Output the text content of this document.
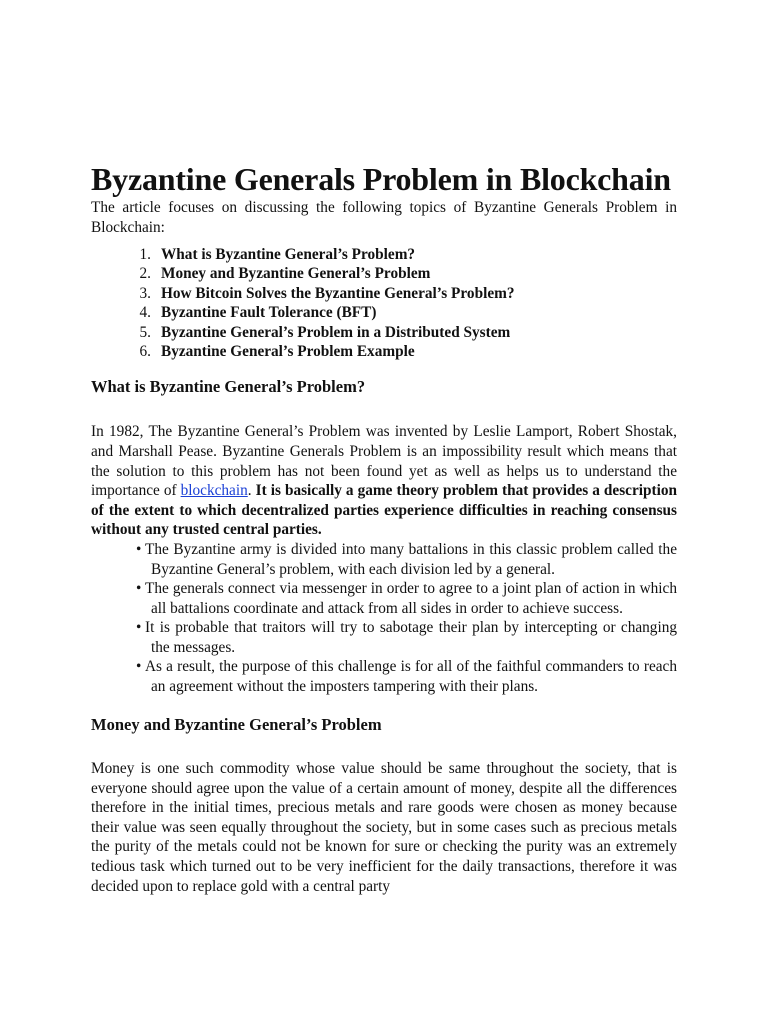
Byzantine Generals Problem in Blockchain

The article focuses on discussing the following topics of Byzantine Generals Problem in Blockchain:

1. What is Byzantine General’s Problem?
2. Money and Byzantine General’s Problem
3. How Bitcoin Solves the Byzantine General’s Problem?
4. Byzantine Fault Tolerance (BFT)
5. Byzantine General’s Problem in a Distributed System
6. Byzantine General’s Problem Example
What is Byzantine General’s Problem?

In 1982, The Byzantine General’s Problem was invented by Leslie Lamport, Robert Shostak, and Marshall Pease. Byzantine Generals Problem is an impossibility result which means that the solution to this problem has not been found yet as well as helps us to understand the importance of blockchain. It is basically a game theory problem that provides a description of the extent to which decentralized parties experience difficulties in reaching consensus without any trusted central parties.

• The Byzantine army is divided into many battalions in this classic problem called the Byzantine General’s problem, with each division led by a general.
• The generals connect via messenger in order to agree to a joint plan of action in which all battalions coordinate and attack from all sides in order to achieve success.
• It is probable that traitors will try to sabotage their plan by intercepting or changing the messages.
• As a result, the purpose of this challenge is for all of the faithful commanders to reach an agreement without the imposters tampering with their plans.
Money and Byzantine General’s Problem

Money is one such commodity whose value should be same throughout the society, that is everyone should agree upon the value of a certain amount of money, despite all the differences therefore in the initial times, precious metals and rare goods were chosen as money because their value was seen equally throughout the society, but in some cases such as precious metals the purity of the metals could not be known for sure or checking the purity was an extremely tedious task which turned out to be very inefficient for the daily transactions, therefore it was decided upon to replace gold with a central party
